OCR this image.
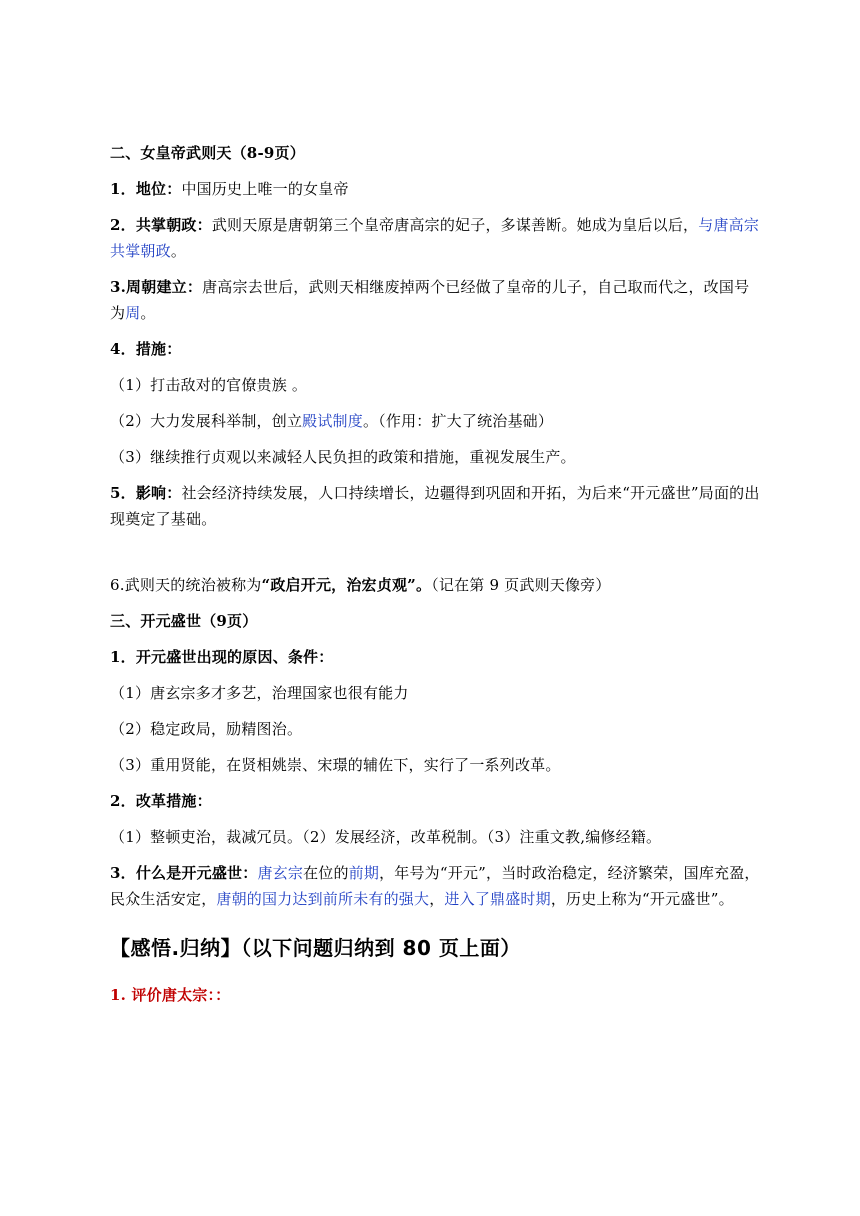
二、女皇帝武则天（8-9页）

1．地位：中国历史上唯一的女皇帝

2．共掌朝政：武则天原是唐朝第三个皇帝唐高宗的妃子，多谋善断。她成为皇后以后，与唐高宗共掌朝政。

3.周朝建立：唐高宗去世后，武则天相继废掉两个已经做了皇帝的儿子，自己取而代之，改国号为周。

4．措施：

（1）打击敌对的官僚贵族 。

（2）大力发展科举制，创立殿试制度。（作用：扩大了统治基础）

（3）继续推行贞观以来减轻人民负担的政策和措施，重视发展生产。

5．影响：社会经济持续发展，人口持续增长，边疆得到巩固和开拓，为后来“开元盛世”局面的出现奠定了基础。

6.武则天的统治被称为“政启开元，治宏贞观”。（记在第 9 页武则天像旁）

三、开元盛世（9页）

1．开元盛世出现的原因、条件：

（1）唐玄宗多才多艺，治理国家也很有能力

（2）稳定政局，励精图治。

（3）重用贤能，在贤相姚崇、宋璟的辅佐下，实行了一系列改革。

2．改革措施：

（1）整顿吏治，裁减冗员。（2）发展经济，改革税制。（3）注重文教,编修经籍。

3．什么是开元盛世：唐玄宗在位的前期，年号为“开元”，当时政治稳定，经济繁荣，国库充盈，民众生活安定，唐朝的国力达到前所未有的强大，进入了鼎盛时期，历史上称为“开元盛世”。

【感悟.归纳】（以下问题归纳到 80 页上面）

1. 评价唐太宗：：
